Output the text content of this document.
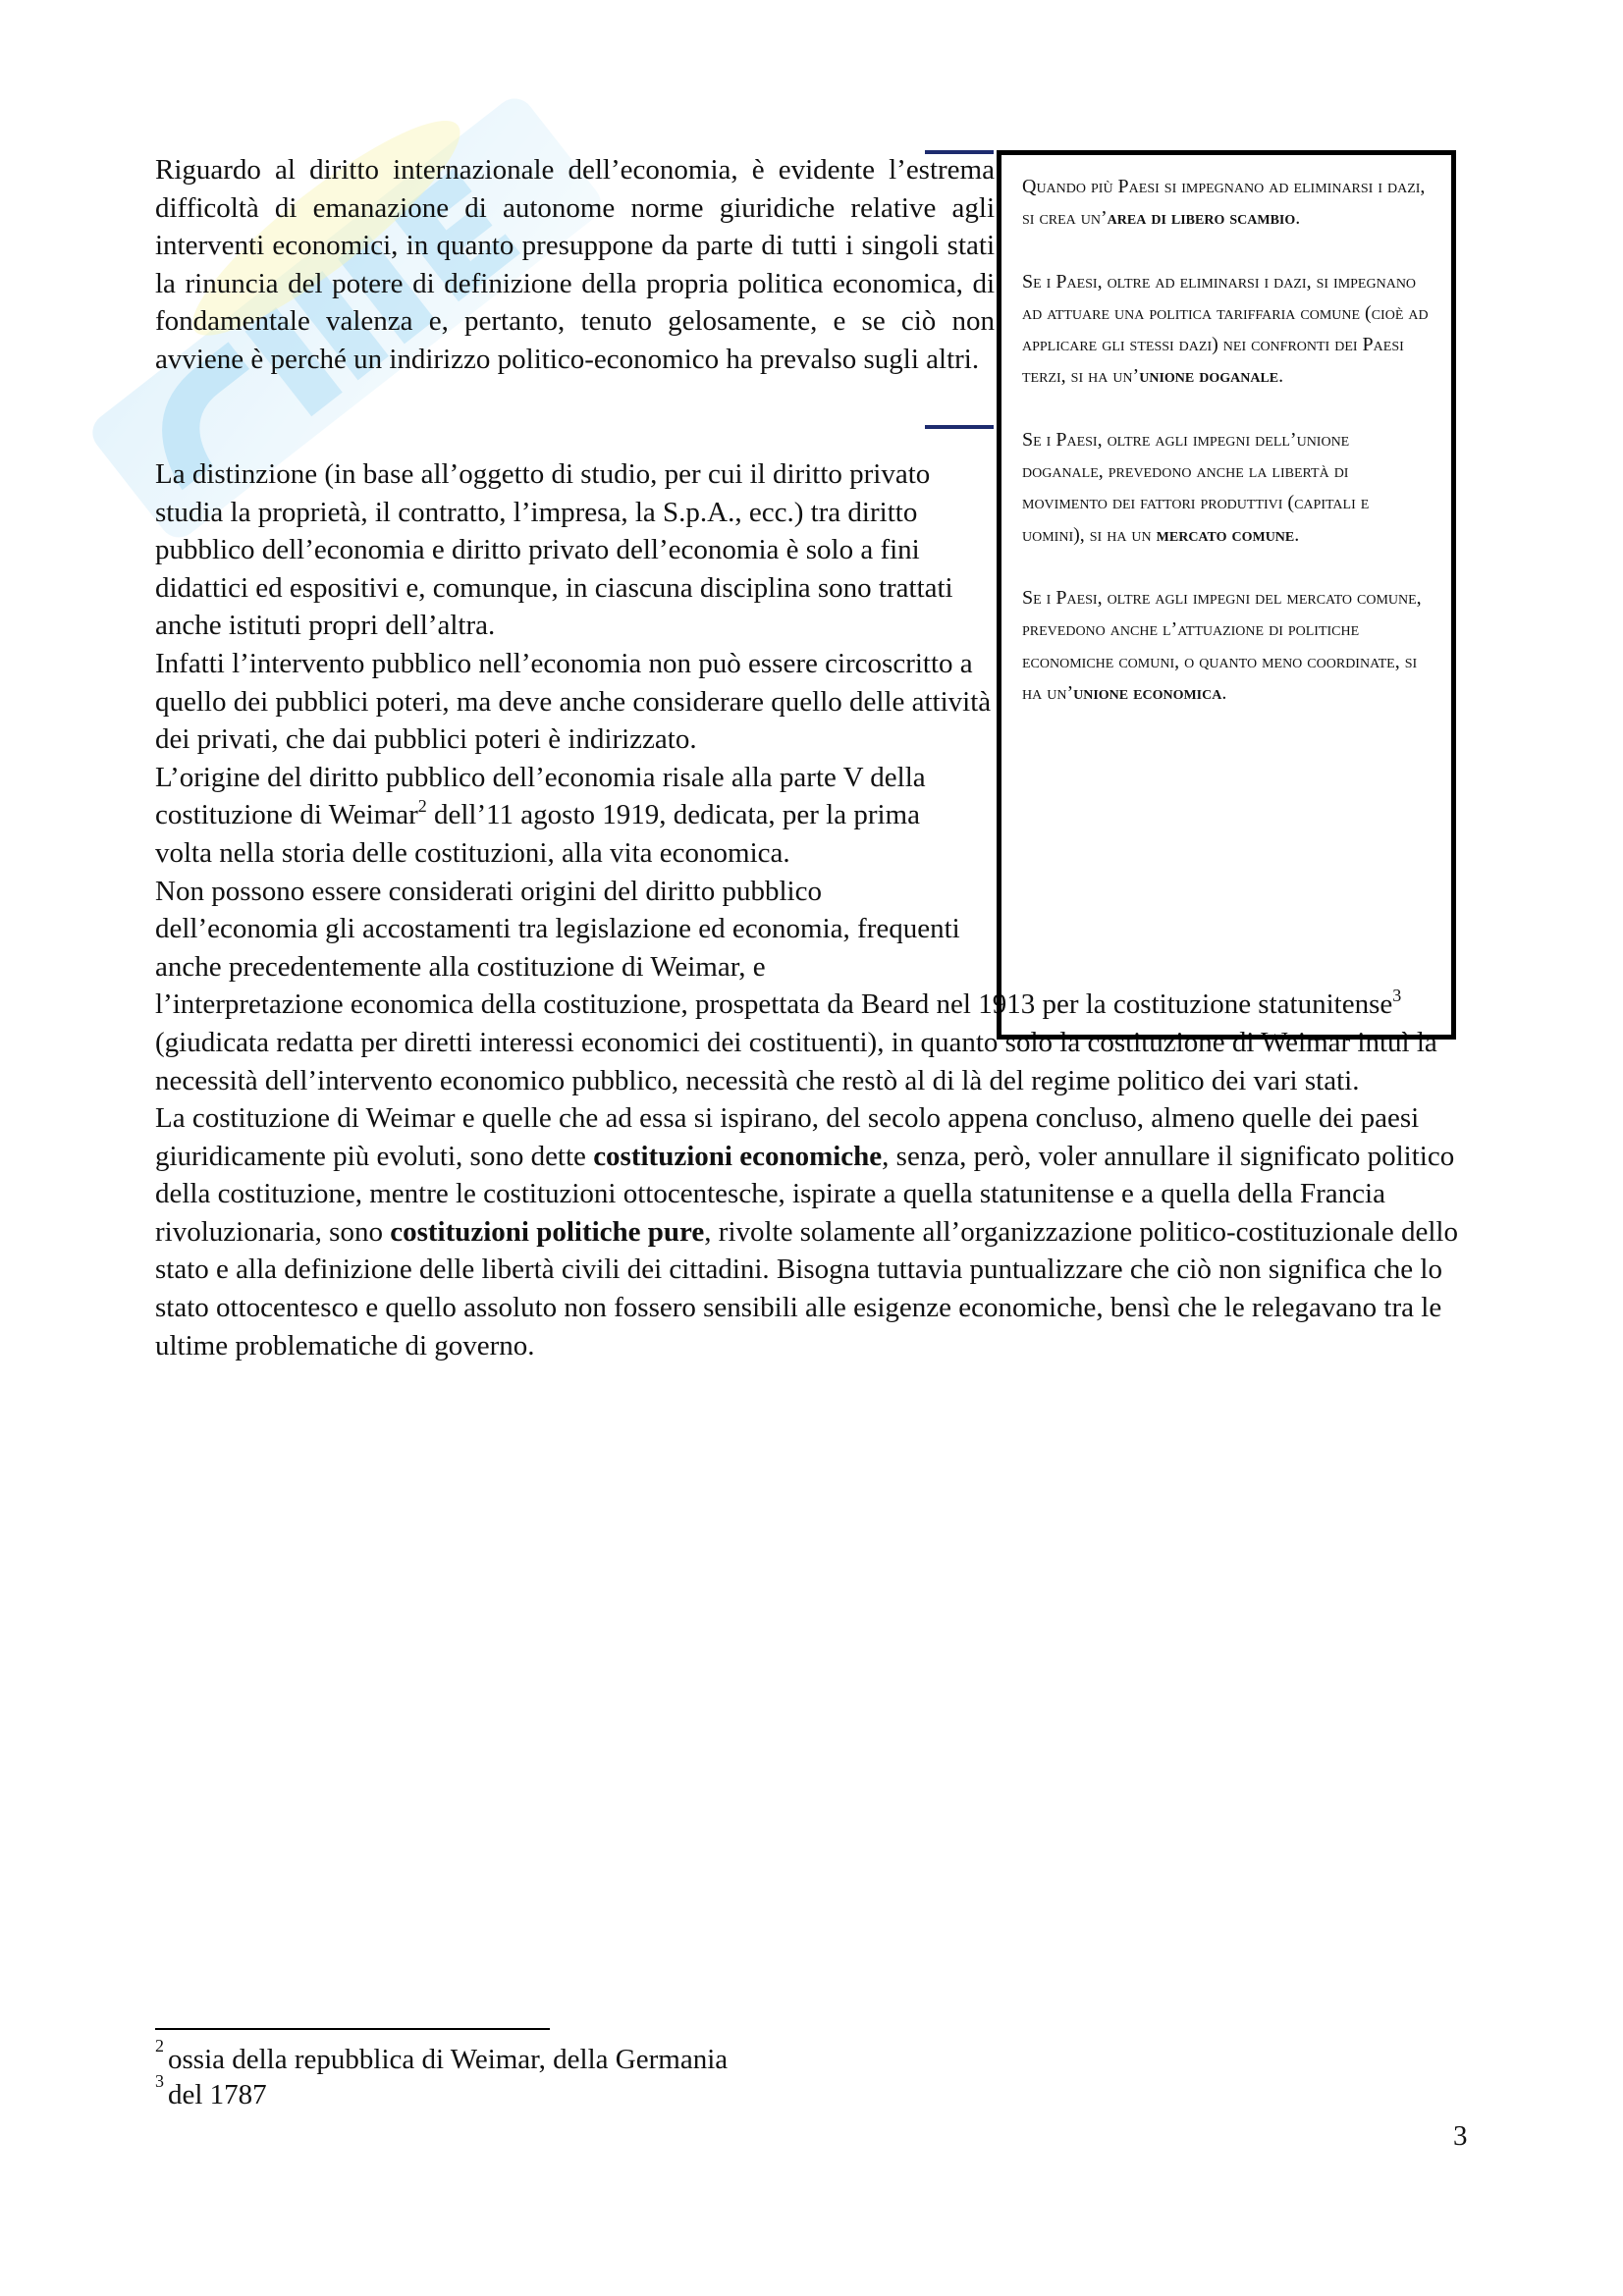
Riguardo al diritto internazionale dell’economia, è evidente l’estrema difficoltà di emanazione di autonome norme giuridiche relative agli interventi economici, in quanto presuppone da parte di tutti i singoli stati la rinuncia del potere di definizione della propria politica economica, di fondamentale valenza e, pertanto, tenuto gelosamente, e se ciò non avviene è perché un indirizzo politico-economico ha prevalso sugli altri.

La distinzione (in base all’oggetto di studio, per cui il diritto privato studia la proprietà, il contratto, l’impresa, la S.p.A., ecc.) tra diritto pubblico dell’economia e diritto privato dell’economia è solo a fini didattici ed espositivi e, comunque, in ciascuna disciplina sono trattati anche istituti propri dell’altra.

Infatti l’intervento pubblico nell’economia non può essere circoscritto a quello dei pubblici poteri, ma deve anche considerare quello delle attività dei privati, che dai pubblici poteri è indirizzato.

L’origine del diritto pubblico dell’economia risale alla parte V della costituzione di Weimar$^2$ dell’11 agosto 1919, dedicata, per la prima volta nella storia delle costituzioni, alla vita economica.

Non possono essere considerati origini del diritto pubblico dell’economia gli accostamenti tra legislazione ed economia, frequenti anche precedentemente alla costituzione di Weimar, e

l’interpretazione economica della costituzione, prospettata da Beard nel 1913 per la costituzione statunitense$^3$ (giudicata redatta per diretti interessi economici dei costituenti), in quanto solo la costituzione di Weimar intuì la necessità dell’intervento economico pubblico, necessità che restò al di là del regime politico dei vari stati.

La costituzione di Weimar e quelle che ad essa si ispirano, del secolo appena concluso, almeno quelle dei paesi giuridicamente più evoluti, sono dette costituzioni economiche, senza, però, voler annullare il significato politico della costituzione, mentre le costituzioni ottocentesche, ispirate a quella statunitense e a quella della Francia rivoluzionaria, sono costituzioni politiche pure, rivolte solamente all’organizzazione politico-costituzionale dello stato e alla definizione delle libertà civili dei cittadini. Bisogna tuttavia puntualizzare che ciò non significa che lo stato ottocentesco e quello assoluto non fossero sensibili alle esigenze economiche, bensì che le relegavano tra le ultime problematiche di governo.

Quando più Paesi si impegnano ad eliminarsi i dazi, si crea un’area di libero scambio.

Se i Paesi, oltre ad eliminarsi i dazi, si impegnano ad attuare una politica tariffaria comune (cioè ad applicare gli stessi dazi) nei confronti dei Paesi terzi, si ha un’unione doganale.

Se i Paesi, oltre agli impegni dell’unione doganale, prevedono anche la libertà di movimento dei fattori produttivi (capitali e uomini), si ha un mercato comune.

Se i Paesi, oltre agli impegni del mercato comune, prevedono anche l’attuazione di politiche economiche comuni, o quanto meno coordinate, si ha un’unione economica.

$^2$ ossia della repubblica di Weimar, della Germania
$^3$ del 1787
3
